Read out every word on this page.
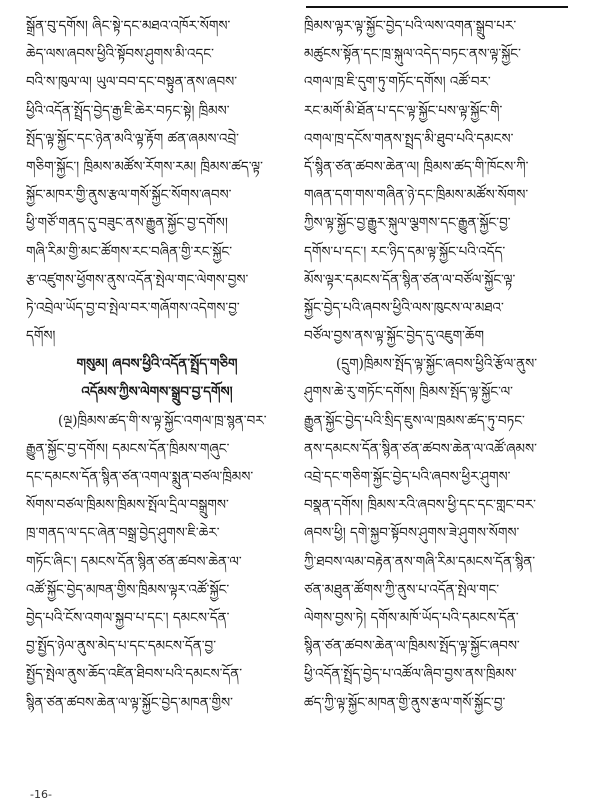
སྒྲོན་བུ་དགོས། ཞིང་སྟེ་དང་མཐའ་འཁོར་སོགས་
ཆེད་ལས་ཞབས་ཕྱིའི་སྟོབས་ཤུགས་མི་འདང་
བའི་ས་ཁུལ་ལ། ཡུལ་བབ་དང་བསྟུན་ནས་ཞབས་
ཕྱིའི་འདོན་སྤྲོད་བྱེད་རྒྱ་ཇི་ཆེར་བཏང་སྟེ། ཁྲིམས་
སྤོད་ལྟ་སྐྱོང་དང་ཉེན་མའི་ལྟ་རྟོག ཚན་ཞམས་འབྲེ་
གཅིག་སྐྱོང་། ཁྲིམས་མཚོས་རོགས་རམ། ཁྲིམས་ཚད་ལྟ་
སྐྱོང་མཁར་གྱི་ནུས་རྩལ་གསོ་སྐྱོང་སོགས་ཞབས་
ཕྱི་གཙོ་གནད་དུ་བཟུང་ནས་རྒྱུན་སྐྱོང་བྱ་དགོས།
གཞི་རིམ་གྱི་མང་ཚོགས་རང་བཞིན་གྱི་རང་སྐྱོང་
རྩ་འཛུགས་ཕྱོགས་ནུས་འདོན་སྤེལ་གང་ལེགས་བྱས་
ཏེ་འབྲེལ་ཡོད་བྱ་བ་སྤེལ་བར་གཞོགས་འདེགས་བྱ་
དགོས།
གསུམ། ཞབས་ཕྱིའི་འདོན་སྤྲོད་གཅིག
འདོམས་ཀྱིས་ལེགས་སྒྲུབ་བྱ་དགོས།
(ལྔ)ཁྲིམས་ཚད་གི་ས་ལྟ་སྐྱོང་འགལ་ཁྲ་སྙན་བར་
རྒྱུན་སྐྱོང་བྱ་དགོས། དམངས་དོན་ཁྲིམས་གཞུང་
དང་དམངས་དོན་སྙིན་ཙན་འགལ་སྨུན་བཙལ་ཁྲིམས་
སོགས་བཙལ་ཁྲིམས་ཁྲིམས་སྤོལ་དྲིལ་བསྒྲུགས་
ཁྲ་གནད་ལ་དང་ཞེན་བསྒྲ་བྱེད་ཤུགས་ཇི་ཆེར་
གཏོང་ཞིང་། དམངས་དོན་སྙིན་ཙན་ཚབས་ཆེན་ལ་
འཚོ་སྐྱོང་བྱེད་མཁན་གྱིས་ཁྲིམས་ལྟར་འཚོ་སྐྱོང་
བྱེད་པའི་ངོས་འགལ་སྐྱབ་པ་དང་། དམངས་དོན་
བྱ་སྤྱོད་ཉེལ་ནུས་མེད་པ་དང་དམངས་དོན་བྱ་
སྤྱོད་སྤེལ་ནུས་ཆོད་འཛིན་ཐིབས་པའི་དམངས་དོན་
སྙིན་ཙན་ཚབས་ཆེན་ལ་ལྟ་སྐྱོང་བྱེད་མཁན་གྱིས་
ཁྲིམས་ལྟར་ལྟ་སྐྱོང་བྱེད་པའི་ལས་འགན་སྒྲུབ་པར་
མཚུངས་སྟོན་དང་ཁྲ་སྐུལ་འདེད་བཏང་ནས་ལྟ་སྐྱོང་
འགལ་ཁྲ་ཇི་དུག་ཏུ་གཏོང་དགོས། འཚོ་བར་
རང་མགོ་མི་ཐོན་པ་དང་ལྟ་སྐྱོང་པས་ལྟ་སྐྱོང་གི་
འགལ་ཁྲ་དངོས་གནས་སྤྲད་མི་ཐུབ་པའི་དམངས་
དོ་སྙིན་ཙན་ཚབས་ཆེན་ལ། ཁྲིམས་ཚད་གི་ཁོངས་ཀི་
གཞན་དག་གས་གཞིན་ཉེ་དང་ཁྲིམས་མཚོས་སོགས་
ཀྱིས་ལྟ་སྐྱོང་བྱ་རྒྱུར་སྐུལ་ལྕགས་དང་རྒྱུན་སྐྱོང་བྱ་
དགོས་པ་དང་། རང་ཉིད་དམ་ལྟ་སྐྱོང་པའི་འདོད་
མོས་ལྟར་དམངས་དོན་སྙིན་ཙན་ལ་བཙོལ་སྐྱོང་ལྟ་
སྐྱོང་བྱེད་པའི་ཞབས་ཕྱིའི་ལས་ཁུངས་ལ་མཐའ་
བཙོལ་བྱས་ནས་ལྟ་སྐྱོང་བྱེད་དུ་འཇུག་ཆོག
(དྲུག)ཁྲིམས་སྤོད་ལྟ་སྐྱོང་ཞབས་ཕྱིའི་རྩོལ་ནུས་
ཤུགས་ཆེ་རུ་གཏོང་དགོས། ཁྲིམས་སྤོད་ལྟ་སྐྱོང་ལ་
རྒྱུན་སྐྱོང་བྱེད་པའི་སྲིད་ཇུས་ལ་ཁྲམས་ཚད་ཏུ་བཏང་
ནས་དམངས་དོན་སྙིན་ཙན་ཚབས་ཆེན་ལ་འཚོ་ཞམས་
འབྲེ་དང་གཅིག་སྐྱོང་བྱེད་པའི་ཞབས་ཕྱིར་ཤུགས་
བསྣན་དགོས། ཁྲིམས་རའི་ཞབས་ཕྱི་དང་དང་གླང་བར་
ཞབས་ཕྱི། དགེ་སྐྱབ་སྟོབས་ཤུགས་ཟེ་ཤུགས་སོགས་
ཀྱི་ཐབས་ལམ་བརྟེན་ནས་གཞི་རིམ་དམངས་དོན་སྙིན་
ཙན་མཐུན་ཚོགས་ཀྱི་ནུས་པ་འདོན་སྤེལ་གང་
ལེགས་བྱས་ཏེ། དགོས་མཁོ་ཡོད་པའི་དམངས་དོན་
སྙིན་ཙན་ཚབས་ཆེན་ལ་ཁྲིམས་སྤོད་ལྟ་སྐྱོང་ཞབས་
ཕྱི་འདོན་སྤྲོད་བྱེད་པ་འཚོལ་ཞིབ་བྱས་ནས་ཁྲིམས་
ཚད་ཀྱི་ལྟ་སྐྱོང་མཁན་གྱི་ནུས་རྩལ་གསོ་སྐྱོང་བྱ་
-16-
